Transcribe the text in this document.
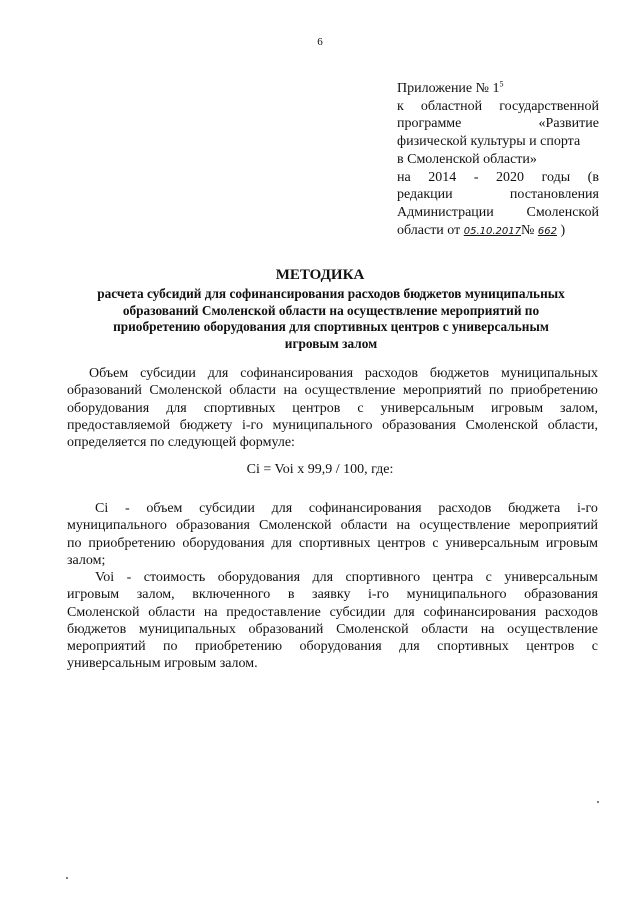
6
Приложение № $1^5$
к областной государственной
программе	«Развитие
физической культуры и спорта
в Смоленской области»
на 2014 - 2020 годы (в
редакции	постановления
Администрации Смоленской
области от 05.10.2017№ 662 )
МЕТОДИКА
расчета субсидий для софинансирования расходов бюджетов муниципальных
образований Смоленской области на осуществление мероприятий по
приобретению оборудования для спортивных центров с универсальным
игровым залом
Объем субсидии для софинансирования расходов бюджетов муниципальных
образований Смоленской области на осуществление мероприятий по приобретению
оборудования для спортивных центров с универсальным игровым залом,
предоставляемой бюджету i-го муниципального образования Смоленской области,
определяется по следующей формуле:
Ci = Voi x 99,9 / 100, где:
Ci - объем субсидии для софинансирования расходов бюджета i-го
муниципального образования Смоленской области на осуществление мероприятий
по приобретению оборудования для спортивных центров с универсальным игровым
залом;
Voi - стоимость оборудования для спортивного центра с универсальным
игровым залом, включенного в заявку i-го муниципального образования
Смоленской области на предоставление субсидии для софинансирования расходов
бюджетов муниципальных образований Смоленской области на осуществление
мероприятий по приобретению оборудования для спортивных центров с
универсальным игровым залом.
